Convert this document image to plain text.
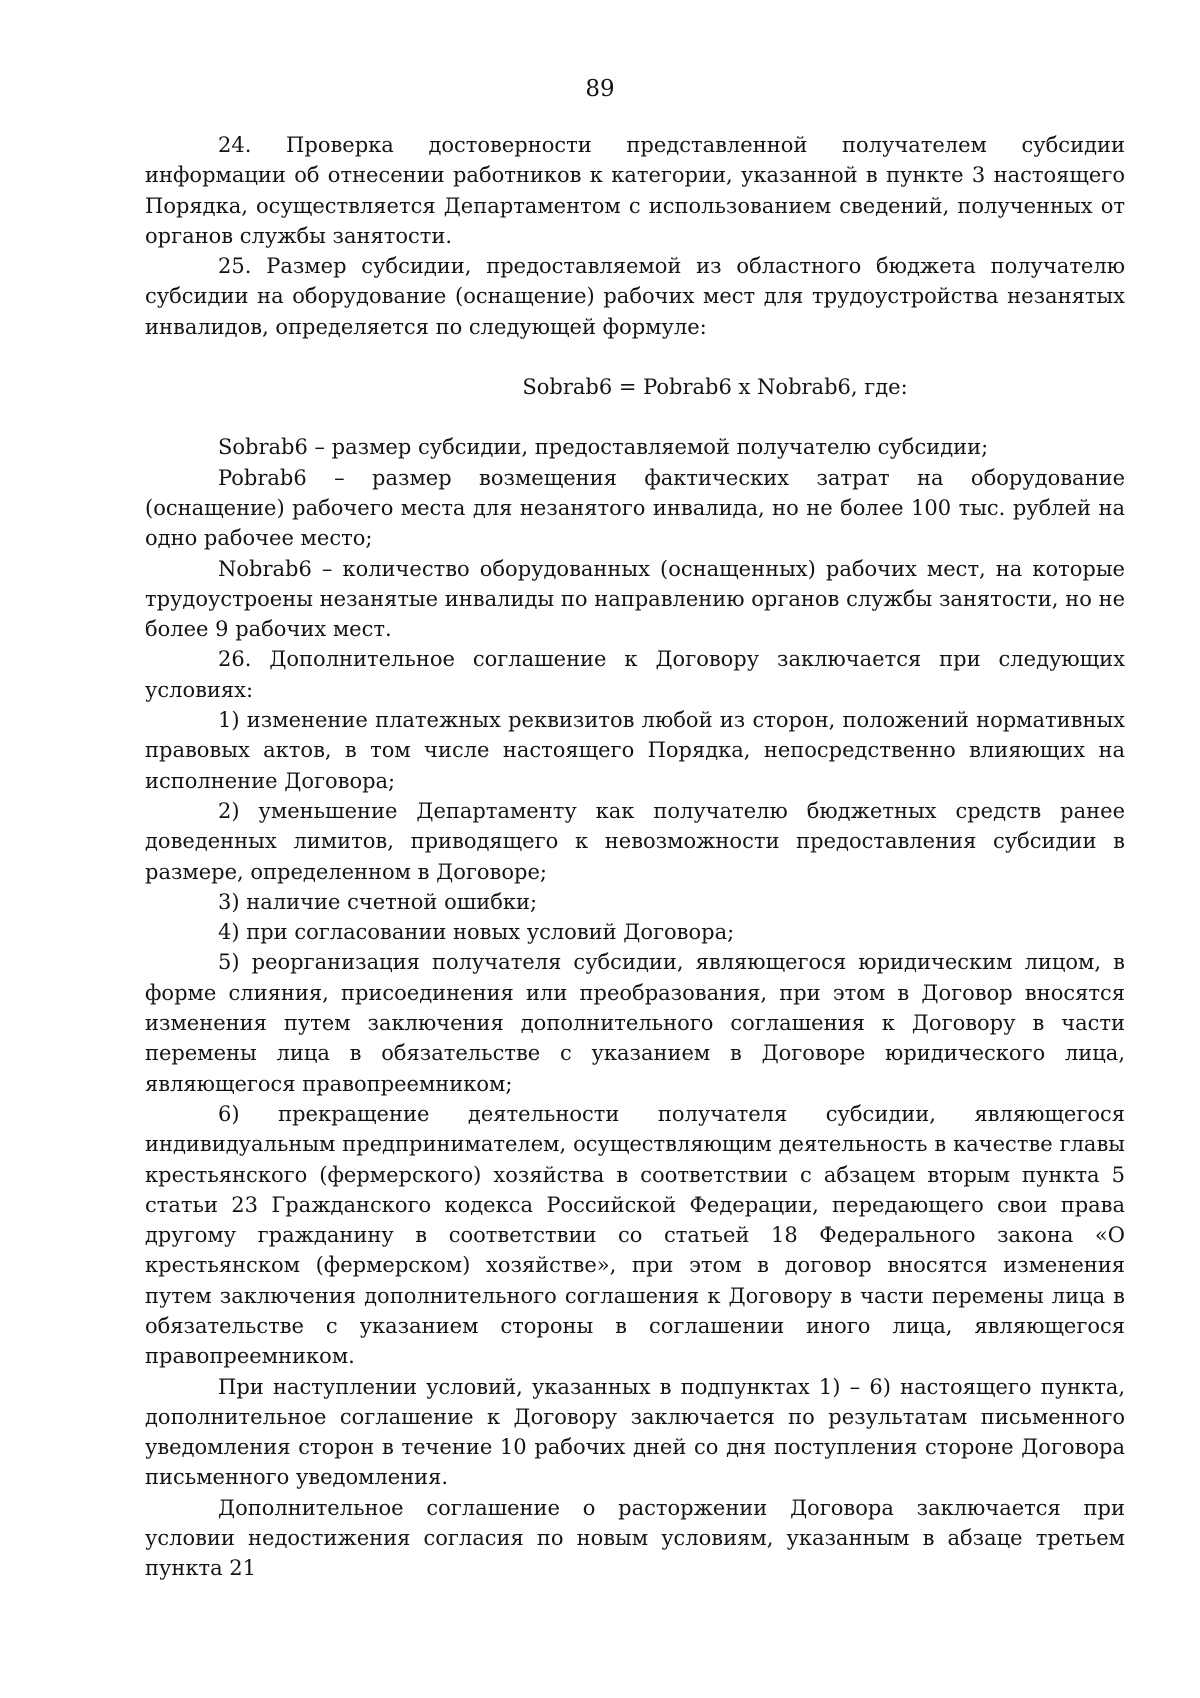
89

24. Проверка достоверности представленной получателем субсидии информации об отнесении работников к категории, указанной в пункте 3 настоящего Порядка, осуществляется Департаментом с использованием сведений, полученных от органов службы занятости.

25. Размер субсидии, предоставляемой из областного бюджета получателю субсидии на оборудование (оснащение) рабочих мест для трудоустройства незанятых инвалидов, определяется по следующей формуле:

Sobrab6 = Pobrab6 x Nobrab6, где:

Sobrab6 – размер субсидии, предоставляемой получателю субсидии;

Pobrab6 – размер возмещения фактических затрат на оборудование (оснащение) рабочего места для незанятого инвалида, но не более 100 тыс. рублей на одно рабочее место;

Nobrab6 – количество оборудованных (оснащенных) рабочих мест, на которые трудоустроены незанятые инвалиды по направлению органов службы занятости, но не более 9 рабочих мест.

26. Дополнительное соглашение к Договору заключается при следующих условиях:

1) изменение платежных реквизитов любой из сторон, положений нормативных правовых актов, в том числе настоящего Порядка, непосредственно влияющих на исполнение Договора;

2) уменьшение Департаменту как получателю бюджетных средств ранее доведенных лимитов, приводящего к невозможности предоставления субсидии в размере, определенном в Договоре;

3) наличие счетной ошибки;

4) при согласовании новых условий Договора;

5) реорганизация получателя субсидии, являющегося юридическим лицом, в форме слияния, присоединения или преобразования, при этом в Договор вносятся изменения путем заключения дополнительного соглашения к Договору в части перемены лица в обязательстве с указанием в Договоре юридического лица, являющегося правопреемником;

6) прекращение деятельности получателя субсидии, являющегося индивидуальным предпринимателем, осуществляющим деятельность в качестве главы крестьянского (фермерского) хозяйства в соответствии с абзацем вторым пункта 5 статьи 23 Гражданского кодекса Российской Федерации, передающего свои права другому гражданину в соответствии со статьей 18 Федерального закона «О крестьянском (фермерском) хозяйстве», при этом в договор вносятся изменения путем заключения дополнительного соглашения к Договору в части перемены лица в обязательстве с указанием стороны в соглашении иного лица, являющегося правопреемником.

При наступлении условий, указанных в подпунктах 1) – 6) настоящего пункта, дополнительное соглашение к Договору заключается по результатам письменного уведомления сторон в течение 10 рабочих дней со дня поступления стороне Договора письменного уведомления.

Дополнительное соглашение о расторжении Договора заключается при условии недостижения согласия по новым условиям, указанным в абзаце третьем пункта 21
